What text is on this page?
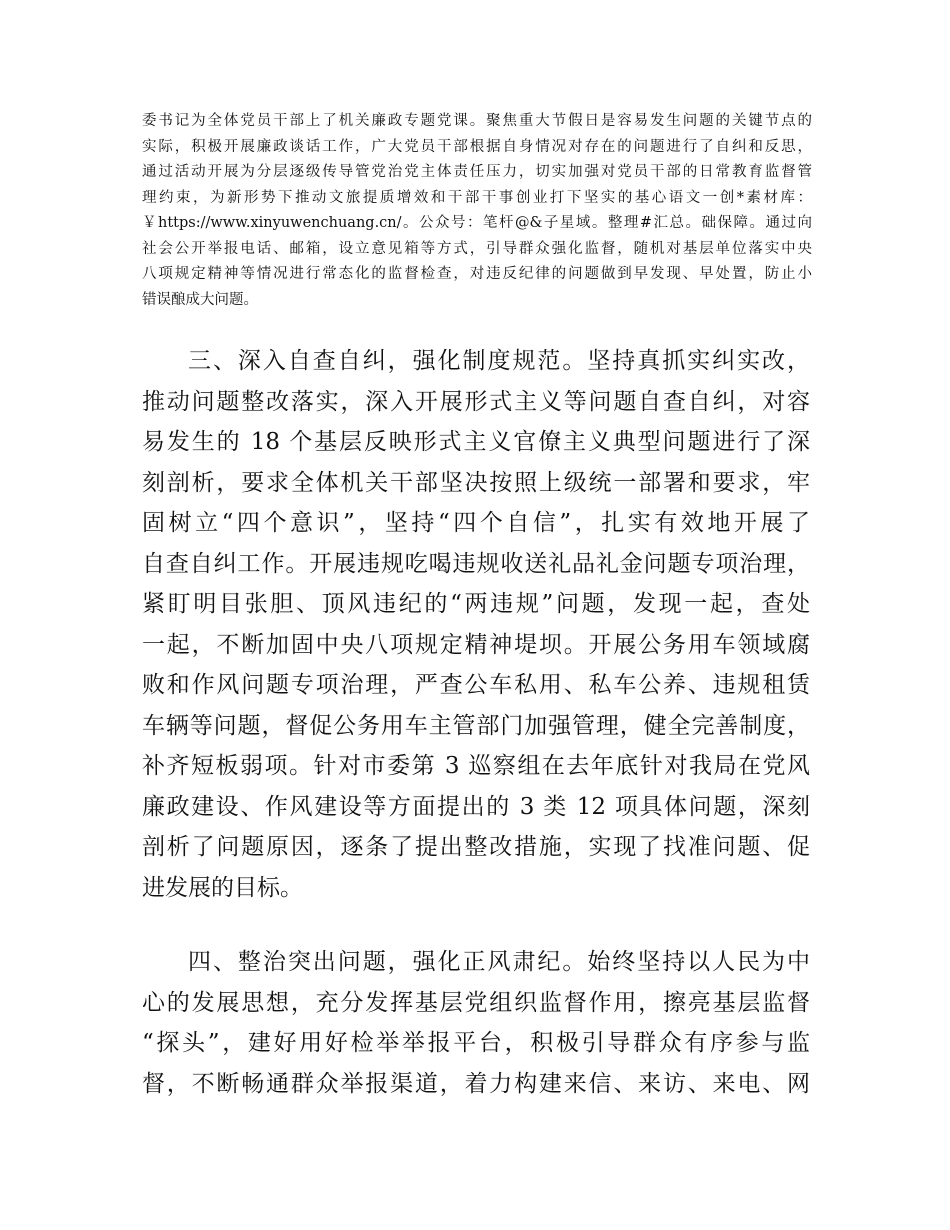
委书记为全体党员干部上了机关廉政专题党课。聚焦重大节假日是容易发生问题的关键节点的
实际，积极开展廉政谈话工作，广大党员干部根据自身情况对存在的问题进行了自纠和反思，
通过活动开展为分层逐级传导管党治党主体责任压力，切实加强对党员干部的日常教育监督管
理约束，为新形势下推动文旅提质增效和干部干事创业打下坚实的基心语文一创*素材库：
￥https://www.xinyuwenchuang.cn/。公众号：笔杆@&子星域。整理#汇总。础保障。通过向
社会公开举报电话、邮箱，设立意见箱等方式，引导群众强化监督，随机对基层单位落实中央
八项规定精神等情况进行常态化的监督检查，对违反纪律的问题做到早发现、早处置，防止小
错误酿成大问题。
三、深入自查自纠，强化制度规范。坚持真抓实纠实改，
推动问题整改落实，深入开展形式主义等问题自查自纠，对容
易发生的 18 个基层反映形式主义官僚主义典型问题进行了深
刻剖析，要求全体机关干部坚决按照上级统一部署和要求，牢
固树立“四个意识”，坚持“四个自信”，扎实有效地开展了
自查自纠工作。开展违规吃喝违规收送礼品礼金问题专项治理，
紧盯明目张胆、顶风违纪的“两违规”问题，发现一起，查处
一起，不断加固中央八项规定精神堤坝。开展公务用车领域腐
败和作风问题专项治理，严查公车私用、私车公养、违规租赁
车辆等问题，督促公务用车主管部门加强管理，健全完善制度，
补齐短板弱项。针对市委第 3 巡察组在去年底针对我局在党风
廉政建设、作风建设等方面提出的 3 类 12 项具体问题，深刻
剖析了问题原因，逐条了提出整改措施，实现了找准问题、促
进发展的目标。
四、整治突出问题，强化正风肃纪。始终坚持以人民为中
心的发展思想，充分发挥基层党组织监督作用，擦亮基层监督
“探头”，建好用好检举举报平台，积极引导群众有序参与监
督，不断畅通群众举报渠道，着力构建来信、来访、来电、网
